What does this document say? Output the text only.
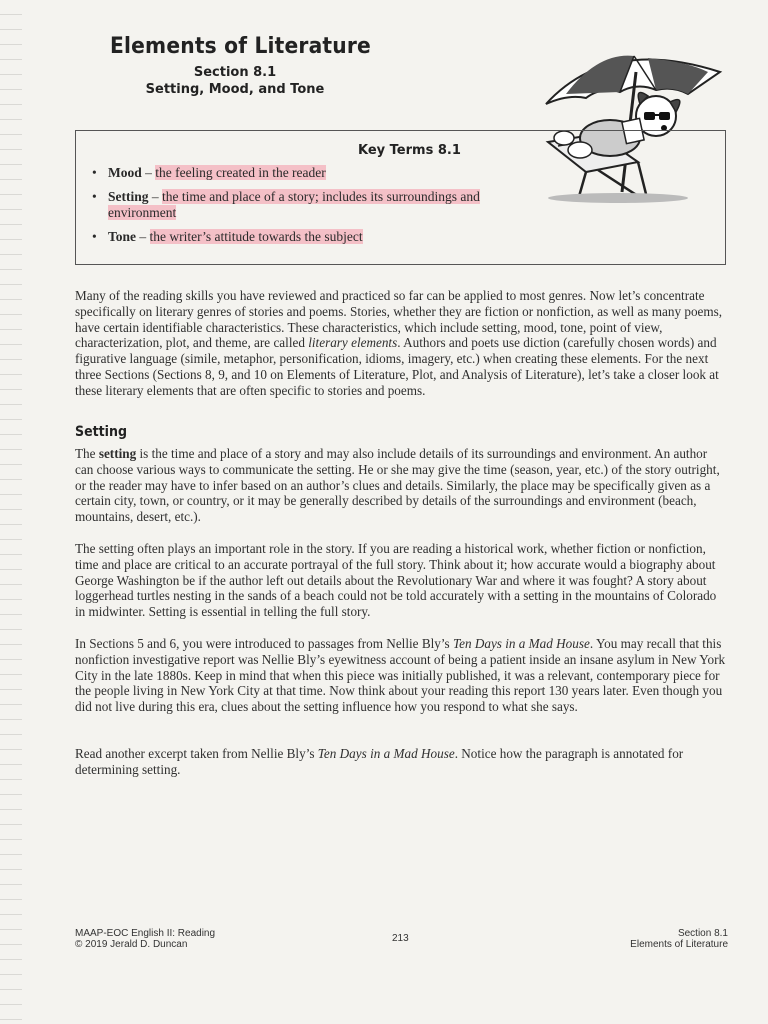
Elements of Literature
Section 8.1
Setting, Mood, and Tone
Key Terms 8.1
• Mood – the feeling created in the reader
• Setting – the time and place of a story; includes its surroundings and environment
• Tone – the writer’s attitude towards the subject

Many of the reading skills you have reviewed and practiced so far can be applied to most genres. Now let’s concentrate specifically on literary genres of stories and poems. Stories, whether they are fiction or nonfiction, as well as many poems, have certain identifiable characteristics. These characteristics, which include setting, mood, tone, point of view, characterization, plot, and theme, are called literary elements. Authors and poets use diction (carefully chosen words) and figurative language (simile, metaphor, personification, idioms, imagery, etc.) when creating these elements. For the next three Sections (Sections 8, 9, and 10 on Elements of Literature, Plot, and Analysis of Literature), let’s take a closer look at these literary elements that are often specific to stories and poems.

Setting

The setting is the time and place of a story and may also include details of its surroundings and environment. An author can choose various ways to communicate the setting. He or she may give the time (season, year, etc.) of the story outright, or the reader may have to infer based on an author’s clues and details. Similarly, the place may be specifically given as a certain city, town, or country, or it may be generally described by details of the surroundings and environment (beach, mountains, desert, etc.).

The setting often plays an important role in the story. If you are reading a historical work, whether fiction or nonfiction, time and place are critical to an accurate portrayal of the full story. Think about it; how accurate would a biography about George Washington be if the author left out details about the Revolutionary War and where it was fought? A story about loggerhead turtles nesting in the sands of a beach could not be told accurately with a setting in the mountains of Colorado in midwinter. Setting is essential in telling the full story.

In Sections 5 and 6, you were introduced to passages from Nellie Bly’s Ten Days in a Mad House. You may recall that this nonfiction investigative report was Nellie Bly’s eyewitness account of being a patient inside an insane asylum in New York City in the late 1880s. Keep in mind that when this piece was initially published, it was a relevant, contemporary piece for the people living in New York City at that time. Now think about your reading this report 130 years later. Even though you did not live during this era, clues about the setting influence how you respond to what she says.

Read another excerpt taken from Nellie Bly’s Ten Days in a Mad House. Notice how the paragraph is annotated for determining setting.

MAAP-EOC English II: Reading
© 2019 Jerald D. Duncan
213	Section 8.1
Elements of Literature
